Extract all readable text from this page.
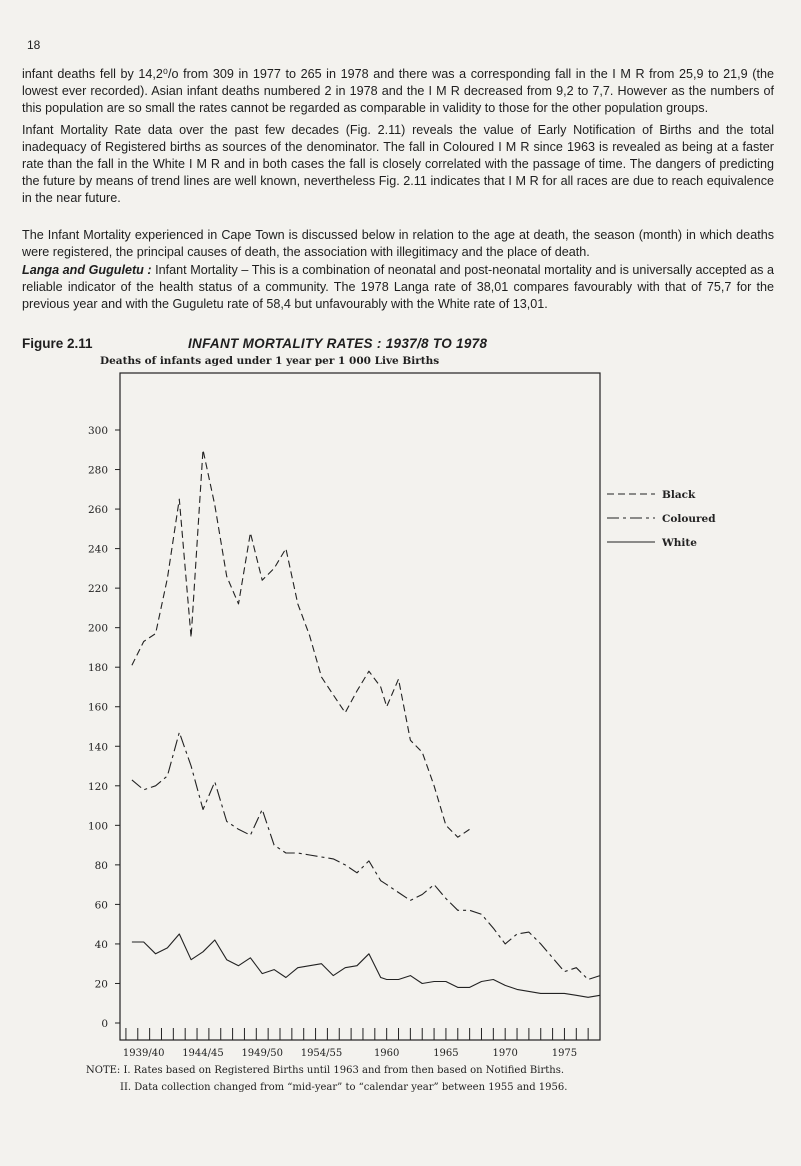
18

infant deaths fell by 14,2⁰/o from 309 in 1977 to 265 in 1978 and there was a corresponding fall in the I M R from 25,9 to 21,9 (the lowest ever recorded). Asian infant deaths numbered 2 in 1978 and the I M R decreased from 9,2 to 7,7. However as the numbers of this population are so small the rates cannot be regarded as comparable in validity to those for the other population groups.

Infant Mortality Rate data over the past few decades (Fig. 2.11) reveals the value of Early Notification of Births and the total inadequacy of Registered births as sources of the denominator. The fall in Coloured I M R since 1963 is revealed as being at a faster rate than the fall in the White I M R and in both cases the fall is closely correlated with the passage of time. The dangers of predicting the future by means of trend lines are well known, nevertheless Fig. 2.11 indicates that I M R for all races are due to reach equivalence in the near future.

The Infant Mortality experienced in Cape Town is discussed below in relation to the age at death, the season (month) in which deaths were registered, the principal causes of death, the association with illegitimacy and the place of death.

Langa and Guguletu : Infant Mortality – This is a combination of neonatal and post-neonatal mortality and is universally accepted as a reliable indicator of the health status of a community. The 1978 Langa rate of 38,01 compares favourably with that of 75,7 for the previous year and with the Guguletu rate of 58,4 but unfavourably with the White rate of 13,01.

Figure 2.11	INFANT MORTALITY RATES : 1937/8 TO 1978
Deaths of infants aged under 1 year per 1 000 Live Births
0
20
40
60
80
100
120
140
160
180
200
220
240
260
280
300
1939/40 1944/45 1949/50 1954/55	1960	1965	1970	1975
Black
Coloured
White
NOTE: I. Rates based on Registered Births until 1963 and from then based on Notified Births.
II. Data collection changed from “mid-year” to “calendar year” between 1955 and 1956.
